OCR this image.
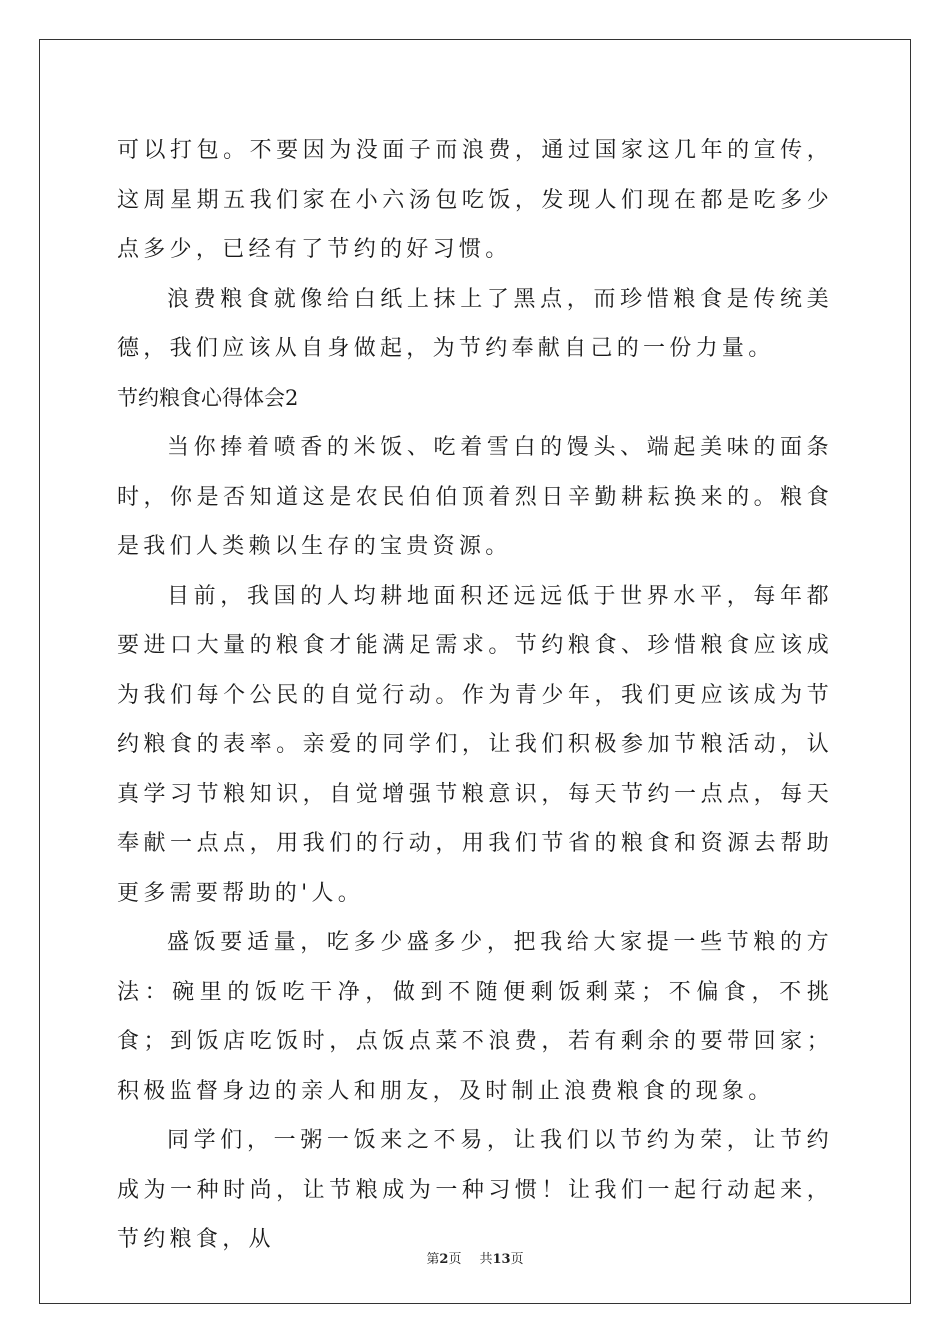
可以打包。不要因为没面子而浪费，通过国家这几年的宣传，这周星期五我们家在小六汤包吃饭，发现人们现在都是吃多少点多少，已经有了节约的好习惯。

浪费粮食就像给白纸上抹上了黑点，而珍惜粮食是传统美德，我们应该从自身做起，为节约奉献自己的一份力量。

节约粮食心得体会2

当你捧着喷香的米饭、吃着雪白的馒头、端起美味的面条时，你是否知道这是农民伯伯顶着烈日辛勤耕耘换来的。粮食是我们人类赖以生存的宝贵资源。

目前，我国的人均耕地面积还远远低于世界水平，每年都要进口大量的粮食才能满足需求。节约粮食、珍惜粮食应该成为我们每个公民的自觉行动。作为青少年，我们更应该成为节约粮食的表率。亲爱的同学们，让我们积极参加节粮活动，认真学习节粮知识，自觉增强节粮意识，每天节约一点点，每天奉献一点点，用我们的行动，用我们节省的粮食和资源去帮助更多需要帮助的'人。

盛饭要适量，吃多少盛多少，把我给大家提一些节粮的方法：碗里的饭吃干净，做到不随便剩饭剩菜；不偏食，不挑食；到饭店吃饭时，点饭点菜不浪费，若有剩余的要带回家；积极监督身边的亲人和朋友，及时制止浪费粮食的现象。

同学们，一粥一饭来之不易，让我们以节约为荣，让节约成为一种时尚，让节粮成为一种习惯！让我们一起行动起来，节约粮食，从

第2页 共13页
